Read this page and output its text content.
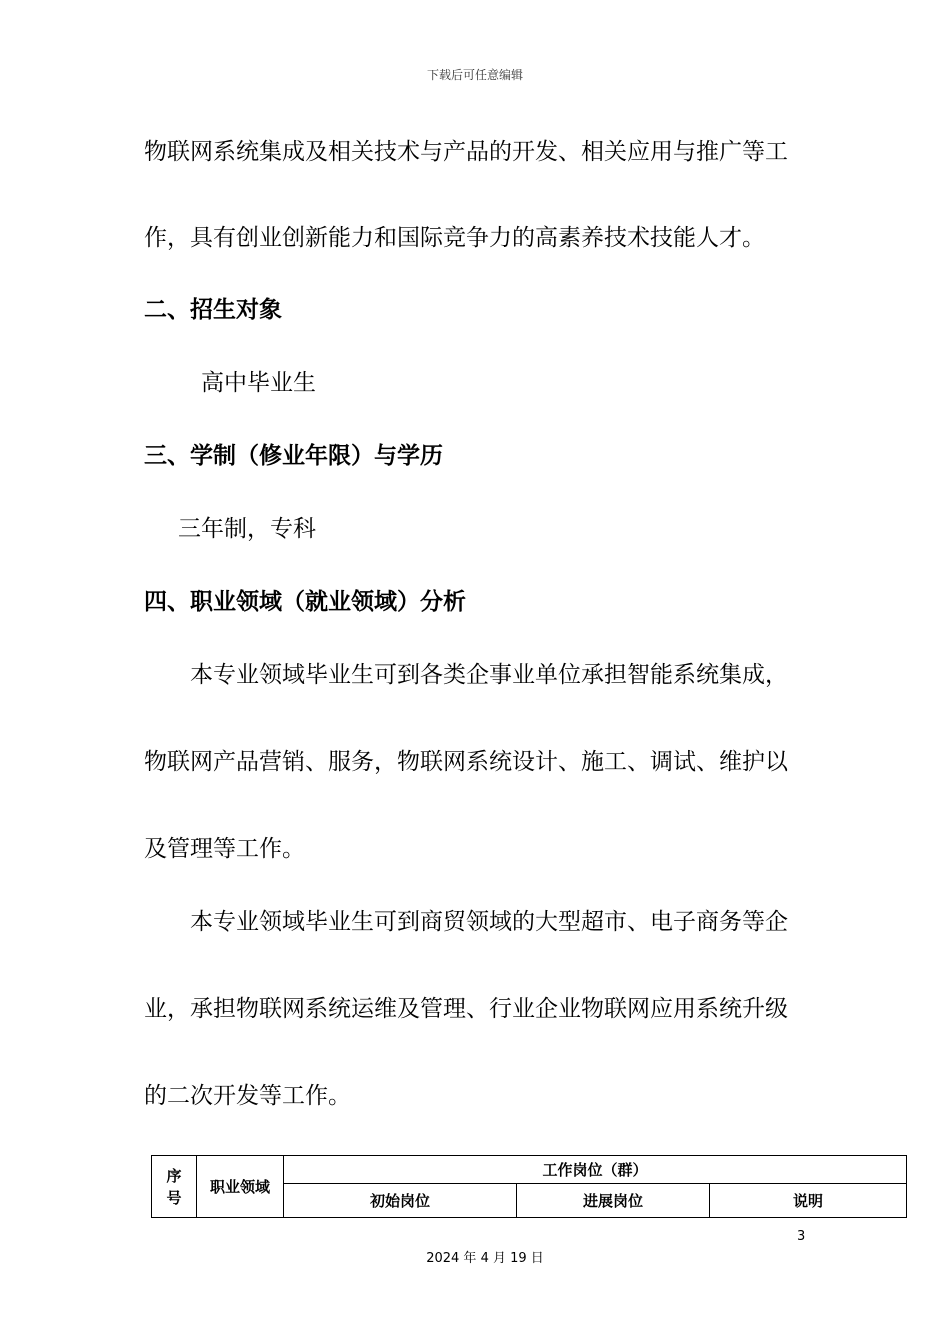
下载后可任意编辑
物联网系统集成及相关技术与产品的开发、相关应用与推广等工
作，具有创业创新能力和国际竞争力的高素养技术技能人才。
二、招生对象
高中毕业生
三、学制（修业年限）与学历
三年制，专科
四、职业领域（就业领域）分析
本专业领域毕业生可到各类企事业单位承担智能系统集成，
物联网产品营销、服务，物联网系统设计、施工、调试、维护以
及管理等工作。
本专业领域毕业生可到商贸领域的大型超市、电子商务等企
业，承担物联网系统运维及管理、行业企业物联网应用系统升级
的二次开发等工作。
序
号	职业领域	工作岗位（群）		
		初始岗位	进展岗位	说明
3
2024 年 4 月 19 日
